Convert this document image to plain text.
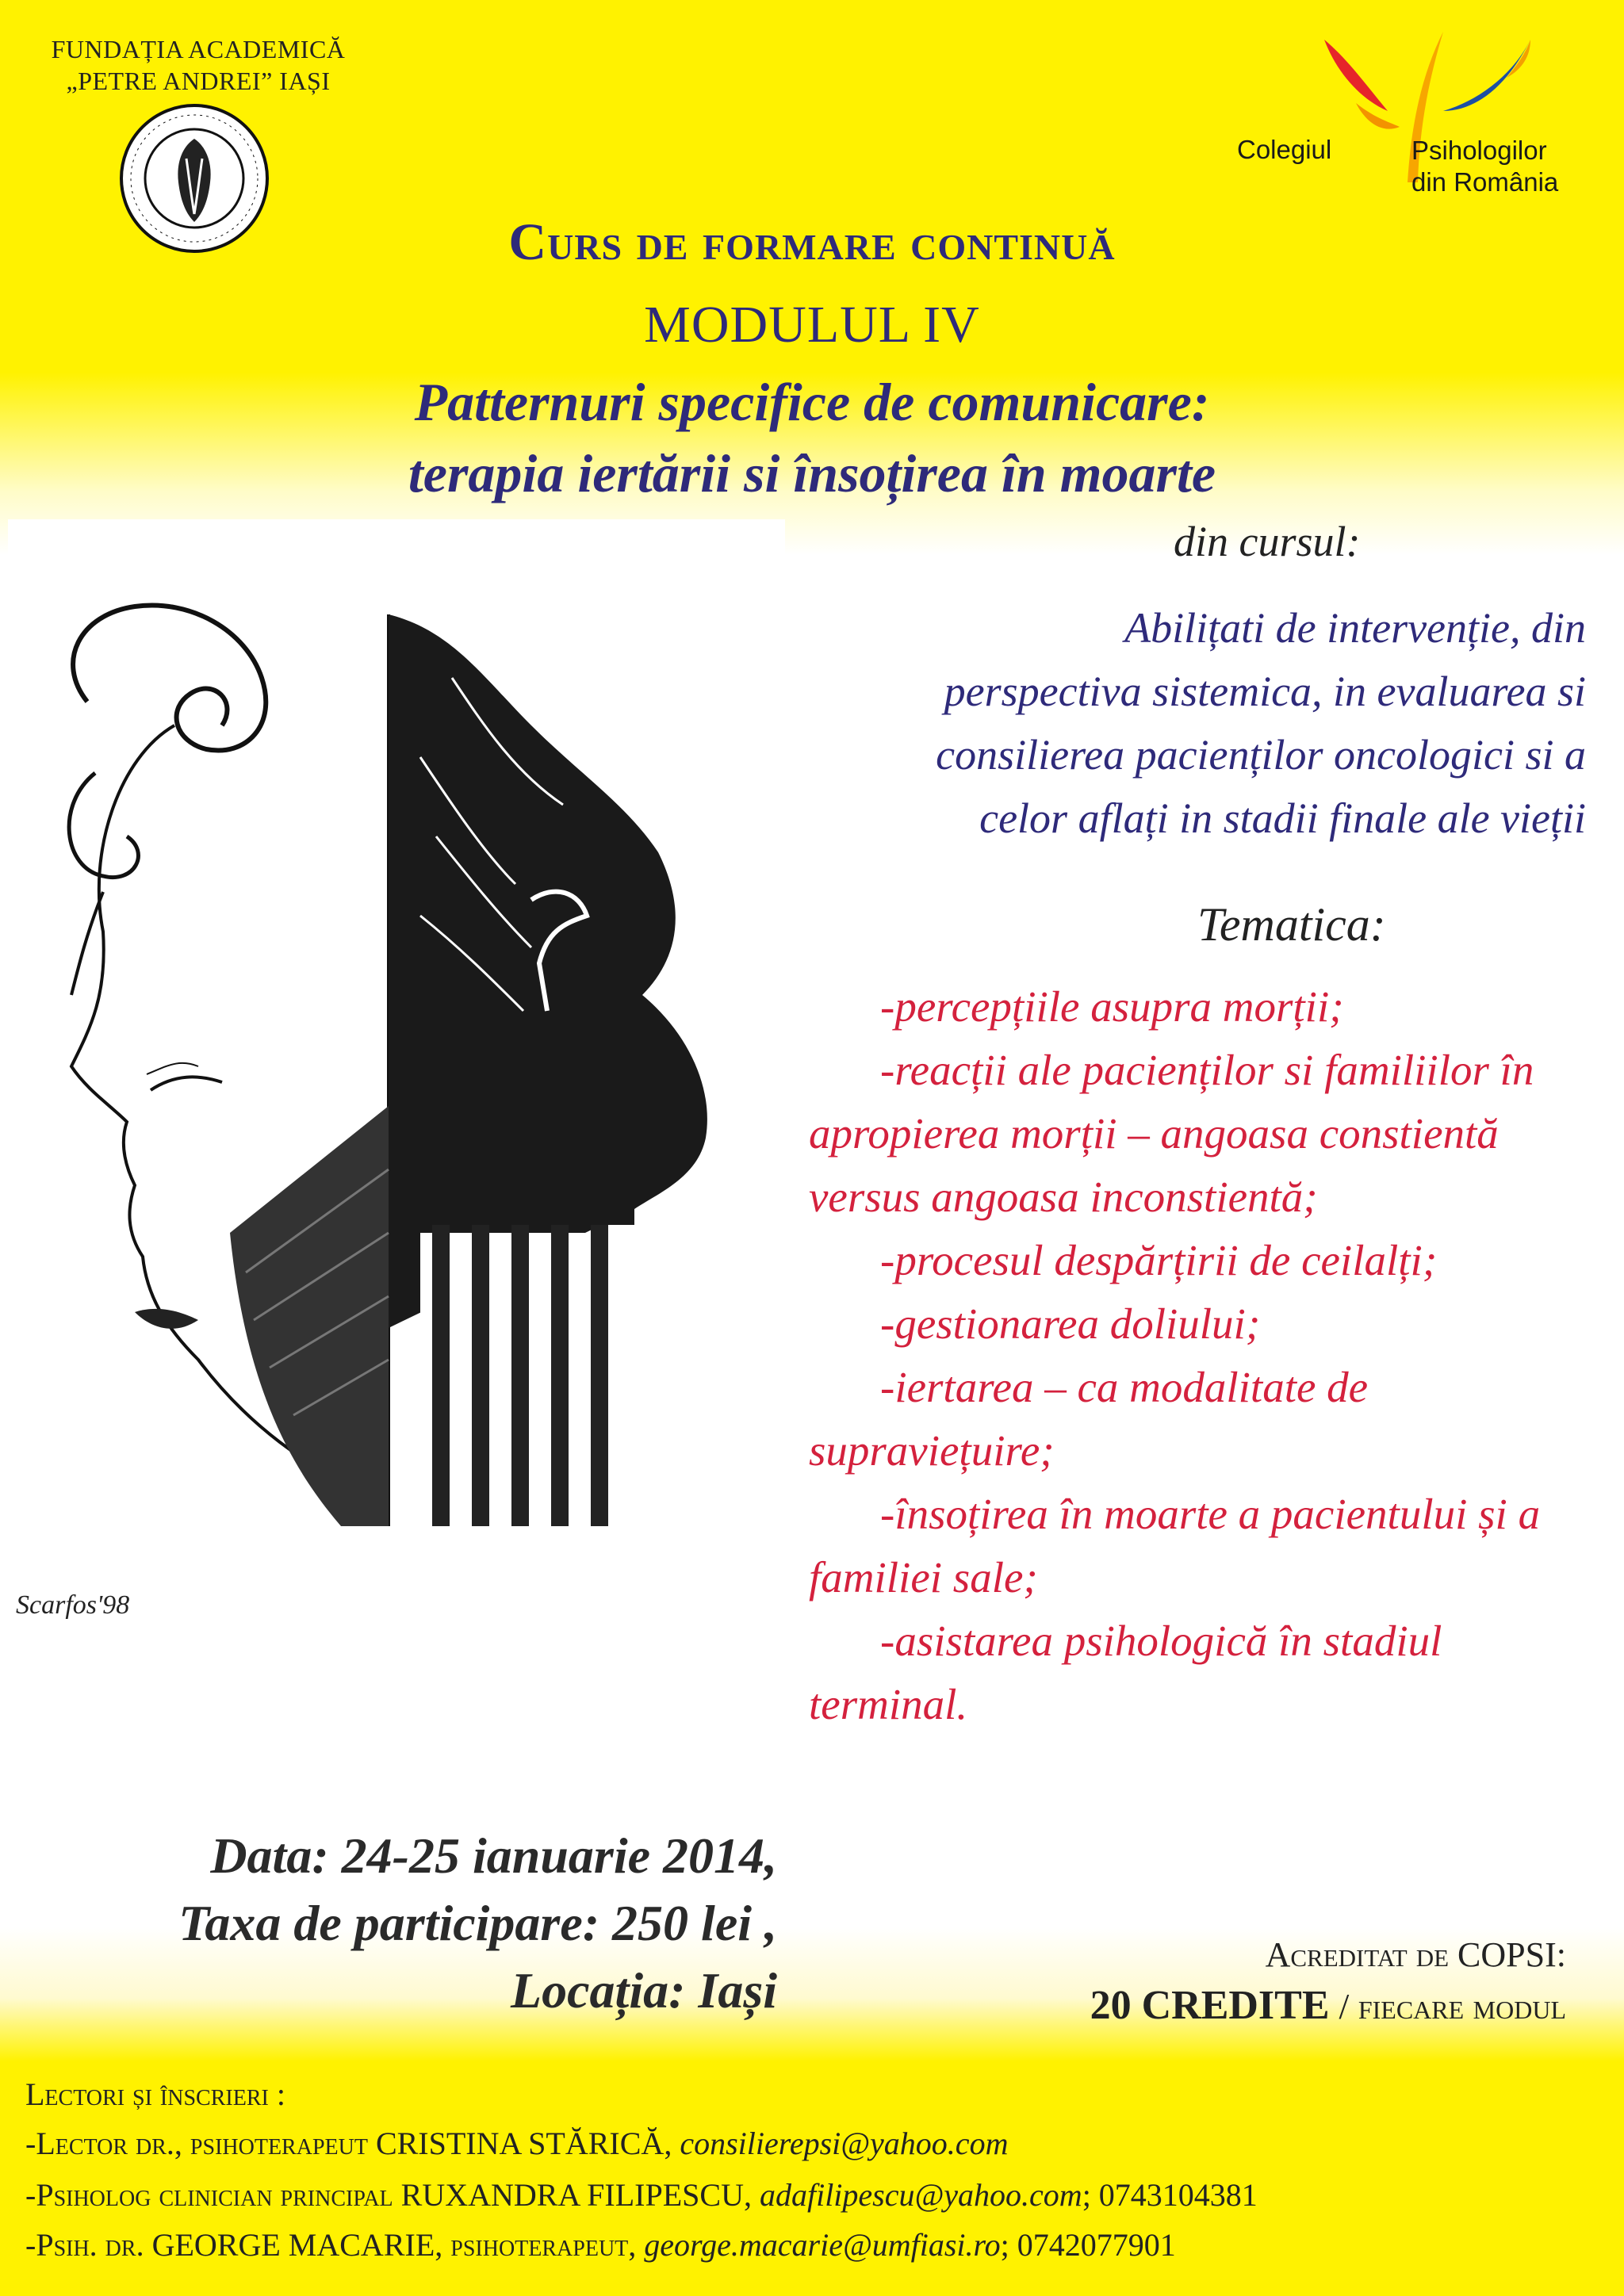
FUNDAȚIA ACADEMICĂ
„PETRE ANDREI” IAȘI
Colegiul	Psihologilor
din România
Curs de formare continuă
MODULUL IV
Patternuri specifice de comunicare:
terapia iertării si însoțirea în moarte
Scarfos'98
din cursul:
Abilițati de intervenție, din
perspectiva sistemica, in evaluarea si
consilierea pacienților oncologici si a
celor aflați in stadii finale ale vieții
Tematica:
-percepțiile asupra morții;
-reacții ale pacienților si familiilor în apropierea morții – angoasa constientă versus angoasa inconstientă;
-procesul despărțirii de ceilalți;
-gestionarea doliului;
-iertarea – ca modalitate de supraviețuire;
-însoțirea în moarte a pacientului și a familiei sale;
-asistarea psihologică în stadiul terminal.
Data: 24-25 ianuarie 2014,
Taxa de participare: 250 lei ,
Locația: Iași
Acreditat de COPSI:
20 CREDITE / fiecare modul
Lectori și înscrieri :
-Lector dr., psihoterapeut CRISTINA STĂRICĂ, consilierepsi@yahoo.com
-Psiholog clinician principal RUXANDRA FILIPESCU, adafilipescu@yahoo.com; 0743104381
-Psih. dr. GEORGE MACARIE, psihoterapeut, george.macarie@umfiasi.ro; 0742077901
